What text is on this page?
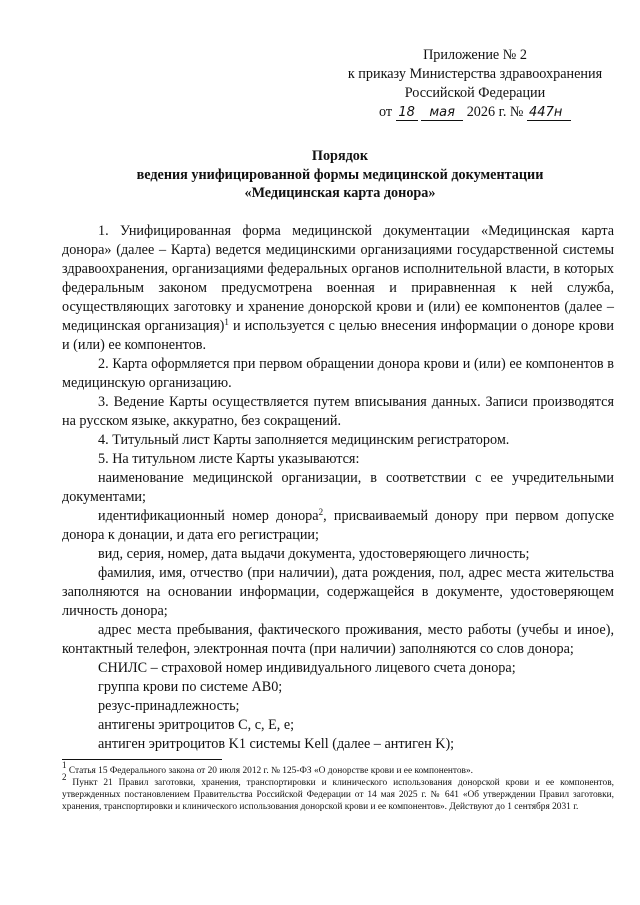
Приложение № 2
к приказу Министерства здравоохранения
Российской Федерации
от 18 мая 2026 г. № 447н
Порядок
ведения унифицированной формы медицинской документации
«Медицинская карта донора»

1. Унифицированная форма медицинской документации «Медицинская карта донора» (далее – Карта) ведется медицинскими организациями государственной системы здравоохранения, организациями федеральных органов исполнительной власти, в которых федеральным законом предусмотрена военная и приравненная к ней служба, осуществляющих заготовку и хранение донорской крови и (или) ее компонентов (далее – медицинская организация)$^1$ и используется с целью внесения информации о доноре крови и (или) ее компонентов.

2. Карта оформляется при первом обращении донора крови и (или) ее компонентов в медицинскую организацию.

3. Ведение Карты осуществляется путем вписывания данных. Записи производятся на русском языке, аккуратно, без сокращений.

4. Титульный лист Карты заполняется медицинским регистратором.

5. На титульном листе Карты указываются:

наименование медицинской организации, в соответствии с ее учредительными документами;

идентификационный номер донора$^2$, присваиваемый донору при первом допуске донора к донации, и дата его регистрации;

вид, серия, номер, дата выдачи документа, удостоверяющего личность;

фамилия, имя, отчество (при наличии), дата рождения, пол, адрес места жительства заполняются на основании информации, содержащейся в документе, удостоверяющем личность донора;

адрес места пребывания, фактического проживания, место работы (учебы и иное), контактный телефон, электронная почта (при наличии) заполняются со слов донора;

СНИЛС – страховой номер индивидуального лицевого счета донора;

группа крови по системе AB0;

резус-принадлежность;

антигены эритроцитов C, c, E, e;

антиген эритроцитов K1 системы Kell (далее – антиген K);

$^1$ Статья 15 Федерального закона от 20 июля 2012 г. № 125-ФЗ «О донорстве крови и ее компонентов».

$^2$ Пункт 21 Правил заготовки, хранения, транспортировки и клинического использования донорской крови и ее компонентов, утвержденных постановлением Правительства Российской Федерации от 14 мая 2025 г. № 641 «Об утверждении Правил заготовки, хранения, транспортировки и клинического использования донорской крови и ее компонентов». Действуют до 1 сентября 2031 г.
